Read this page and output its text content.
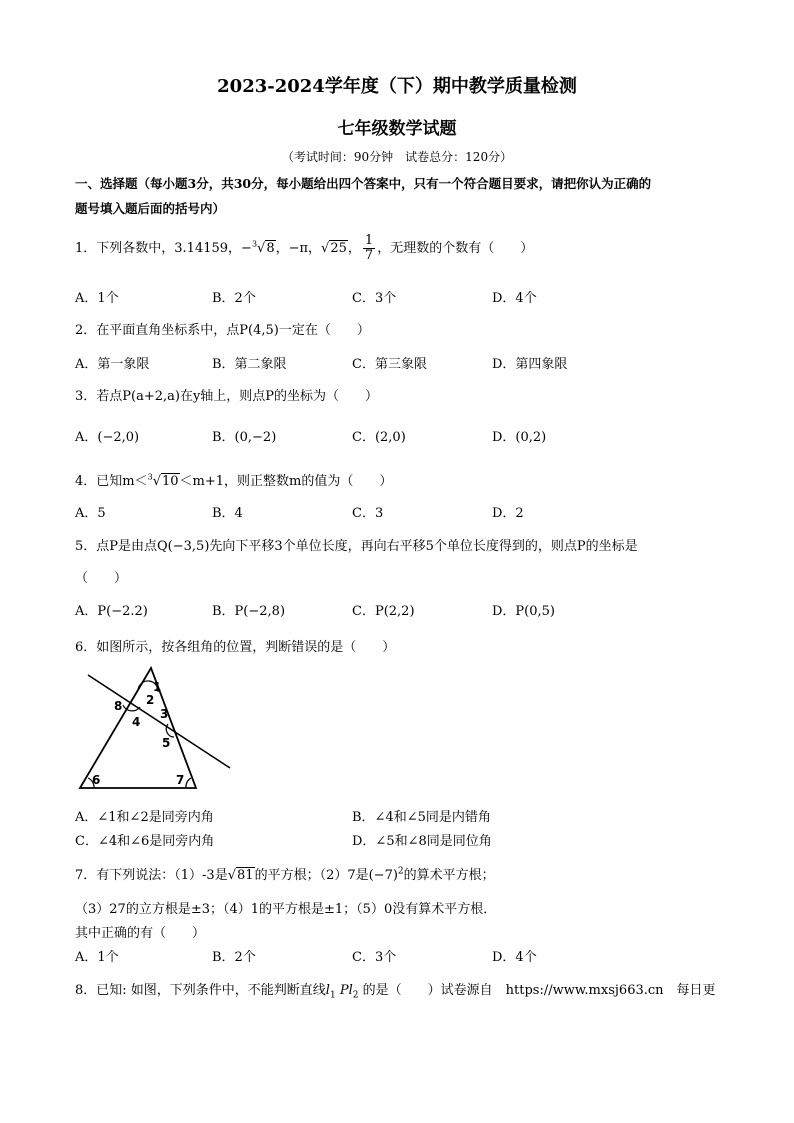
2023-2024学年度（下）期中教学质量检测
七年级数学试题
（考试时间：90分钟　试卷总分：120分）
一、选择题（每小题3分，共30分，每小题给出四个答案中，只有一个符合题目要求，请把你认为正确的
题号填入题后面的括号内）
1．下列各数中，3.14159，−$^3$√8，−π，√25， $\frac{1}{7}$ ，无理数的个数有（　　）
A．1个	B．2个	C．3个	D．4个
2．在平面直角坐标系中，点P(4,5)一定在（　　）
A．第一象限	B．第二象限	C．第三象限	D．第四象限
3．若点P(a+2,a)在y轴上，则点P的坐标为（　　）
A．(−2,0)	B．(0,−2)	C．(2,0)	D．(0,2)
4．已知m＜$^3$√10＜m+1，则正整数m的值为（　　）
A．5	B．4	C．3	D．2
5．点P是由点Q(−3,5)先向下平移3个单位长度，再向右平移5个单位长度得到的，则点P的坐标是
（　　）
A．P(−2.2)	B．P(−2,8)	C．P(2,2)	D．P(0,5)
6．如图所示，按各组角的位置，判断错误的是（　　）
1
2
3
4
5
6	7
8
A．∠1和∠2是同旁内角	B．∠4和∠5同是内错角
C．∠4和∠6是同旁内角	D．∠5和∠8同是同位角
7．有下列说法：（1）-3是√81的平方根；（2）7是$(-7)^2$的算术平方根；
（3）27的立方根是±3；（4）1的平方根是±1；（5）0没有算术平方根．
其中正确的有（　　）
A．1个	B．2个	C．3个	D．4个
8．已知: 如图，下列条件中，不能判断直线$l_1$ $Pl_2$ 的是（　　）试卷源自　https://www.mxsj663.cn　每日更
